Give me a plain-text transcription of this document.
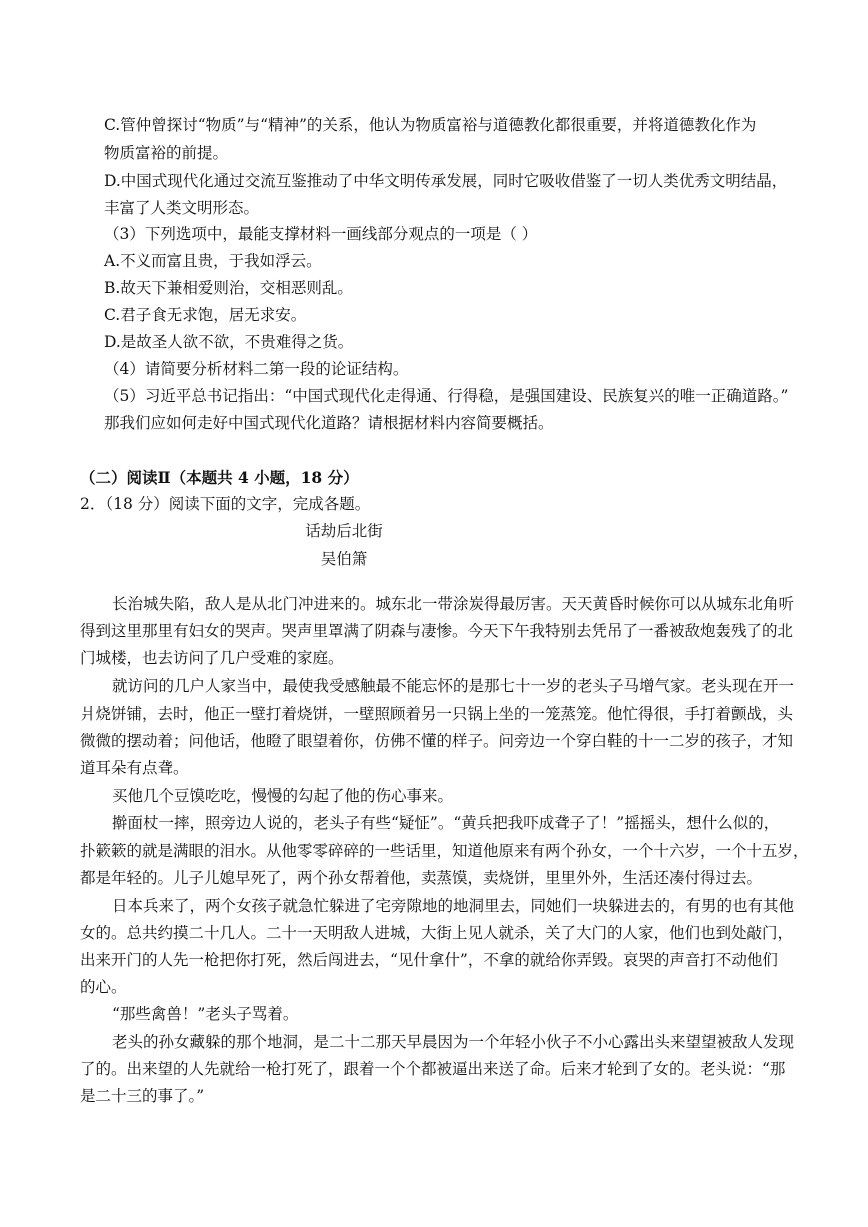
C.管仲曾探讨“物质”与“精神”的关系，他认为物质富裕与道德教化都很重要，并将道德教化作为
物质富裕的前提。
D.中国式现代化通过交流互鉴推动了中华文明传承发展，同时它吸收借鉴了一切人类优秀文明结晶，
丰富了人类文明形态。
（3）下列选项中，最能支撑材料一画线部分观点的一项是（ ）
A.不义而富且贵，于我如浮云。
B.故天下兼相爱则治，交相恶则乱。
C.君子食无求饱，居无求安。
D.是故圣人欲不欲，不贵难得之货。
（4）请简要分析材料二第一段的论证结构。
（5）习近平总书记指出：“中国式现代化走得通、行得稳，是强国建设、民族复兴的唯一正确道路。”
那我们应如何走好中国式现代化道路？请根据材料内容简要概括。
（二）阅读Ⅱ（本题共 4 小题，18 分）
2．（18 分）阅读下面的文字，完成各题。
话劫后北街
吴伯箫
长治城失陷，敌人是从北门冲进来的。城东北一带涂炭得最厉害。天天黄昏时候你可以从城东北角听
得到这里那里有妇女的哭声。哭声里罩满了阴森与凄惨。今天下午我特别去凭吊了一番被敌炮轰残了的北
门城楼，也去访问了几户受难的家庭。
就访问的几户人家当中，最使我受感触最不能忘怀的是那七十一岁的老头子马增气家。老头现在开一
爿烧饼铺，去时，他正一壁打着烧饼，一壁照顾着另一只锅上坐的一笼蒸笼。他忙得很，手打着颤战，头
微微的摆动着；问他话，他瞪了眼望着你，仿佛不懂的样子。问旁边一个穿白鞋的十一二岁的孩子，才知
道耳朵有点聋。
买他几个豆馍吃吃，慢慢的勾起了他的伤心事来。
擀面杖一摔，照旁边人说的，老头子有些“疑怔”。“黄兵把我吓成聋子了！”摇摇头，想什么似的，
扑簌簌的就是满眼的泪水。从他零零碎碎的一些话里，知道他原来有两个孙女，一个十六岁，一个十五岁，
都是年轻的。儿子儿媳早死了，两个孙女帮着他，卖蒸馍，卖烧饼，里里外外，生活还凑付得过去。
日本兵来了，两个女孩子就急忙躲进了宅旁隙地的地洞里去，同她们一块躲进去的，有男的也有其他
女的。总共约摸二十几人。二十一天明敌人进城，大街上见人就杀，关了大门的人家，他们也到处敲门，
出来开门的人先一枪把你打死，然后闯进去，“见什拿什”，不拿的就给你弄毁。哀哭的声音打不动他们
的心。
“那些禽兽！”老头子骂着。
老头的孙女藏躲的那个地洞，是二十二那天早晨因为一个年轻小伙子不小心露出头来望望被敌人发现
了的。出来望的人先就给一枪打死了，跟着一个个都被逼出来送了命。后来才轮到了女的。老头说：“那
是二十三的事了。”
